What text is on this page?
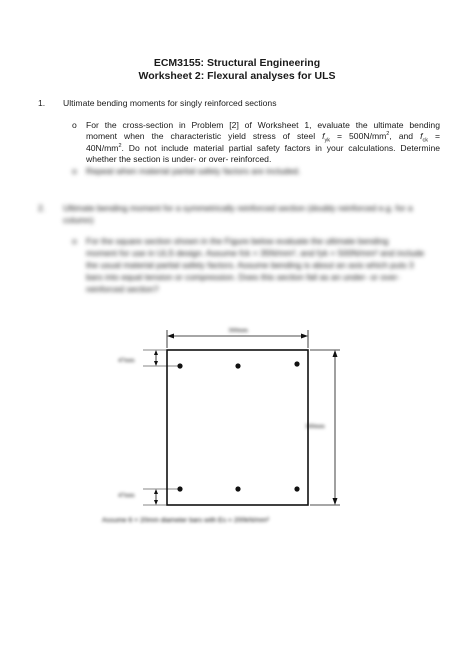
ECM3155: Structural Engineering
Worksheet 2: Flexural analyses for ULS
1. Ultimate bending moments for singly reinforced sections
o For the cross-section in Problem [2] of Worksheet 1, evaluate the ultimate bending
moment when the characteristic yield stress of steel $f_{yk} = 500N/mm^2$, and $f_{ck}$ =
$40N/mm^2$. Do not include material partial safety factors in your calculations. Determine
whether the section is under- or over- reinforced.
o Repeat when material partial safety factors are included.
2. Ultimate bending moment for a symmetrically reinforced section (doubly reinforced e.g. for a
column)
o For the square section shown in the Figure below evaluate the ultimate bending
moment for use in ULS design. Assume fck = 35N/mm², and fyk = 500N/mm² and include
the usual material partial safety factors. Assume bending is about an axis which puts 3
bars into equal tension or compression. Does this section fail as an under- or over-
reinforced section?
300mm
300mm
47mm
47mm
Assume 6 × 20mm diameter bars with Es = 200kN/mm²
